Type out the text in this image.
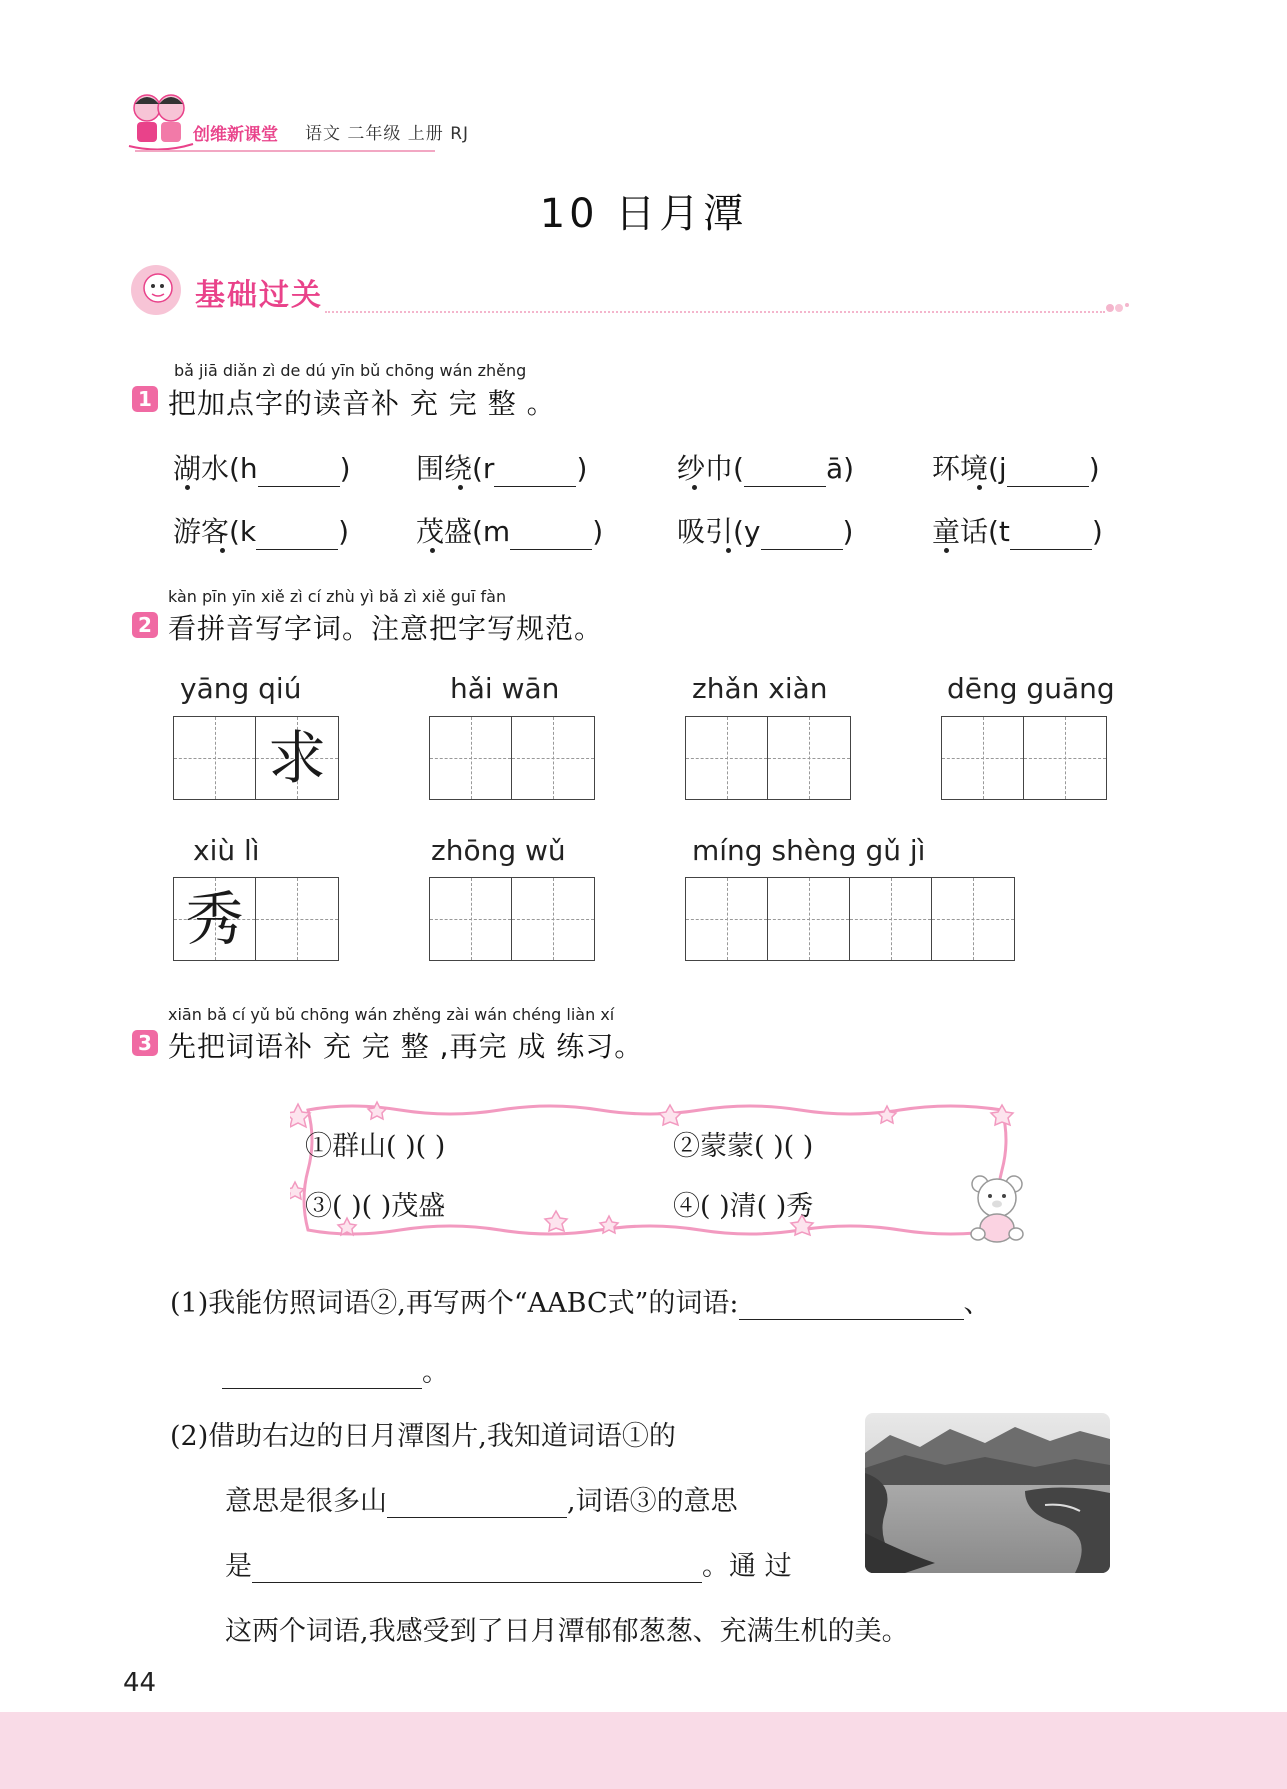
创维新课堂 语文 二年级 上册 RJ
10 日月潭
基础过关
bǎ jiā diǎn zì de dú yīn bǔ chōng wán zhěng
1 把加点字的读音补 充 完 整 。
湖水(h	) 围绕(r	)	纱巾(	ā)	环境(j	)
游客(k	) 茂盛(m	)	吸引(y	)	童话(t	)
kàn pīn yīn xiě zì cí zhù yì bǎ zì xiě guī fàn
2 看拼音写字词。注意把字写规范。
yāng qiú	hǎi wān	zhǎn xiàn	dēng guāng
求
xiù lì	zhōng wǔ	míng shèng gǔ jì
秀
xiān bǎ cí yǔ bǔ chōng wán zhěng zài wán chéng liàn xí
3 先把词语补 充 完 整 ,再完 成 练习。
①群山( )( )	②蒙蒙( )( )
③( )( )茂盛	④( )清( )秀
(1)我能仿照词语②,再写两个“AABC式”的词语:	、
。
(2)借助右边的日月潭图片,我知道词语①的
意思是很多山	,词语③的意思
是	。通 过
这两个词语,我感受到了日月潭郁郁葱葱、充满生机的美。
44
